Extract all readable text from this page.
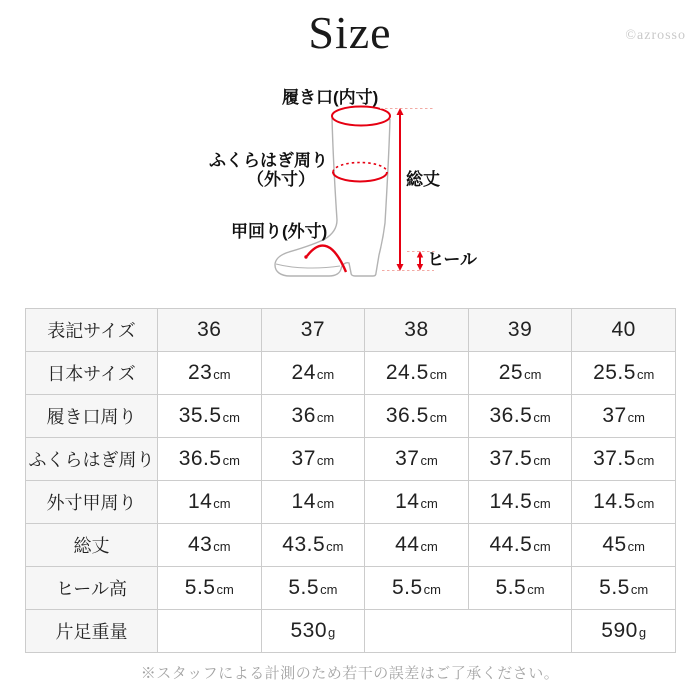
Size	©azrosso
履き口(内寸)
ふくらはぎ周り
（外寸）
甲回り(外寸)
総丈
ヒール
表記サイズ	36	37	38	39	40
日本サイズ	23cm	24cm	24.5cm	25cm	25.5cm
履き口周り	35.5cm	36cm	36.5cm	36.5cm	37cm
ふくらはぎ周り	36.5cm	37cm	37cm	37.5cm	37.5cm
外寸甲周り	14cm	14cm	14cm	14.5cm	14.5cm
総丈	43cm	43.5cm	44cm	44.5cm	45cm
ヒール高	5.5cm	5.5cm	5.5cm	5.5cm	5.5cm
片足重量		530g			590g
※スタッフによる計測のため若干の誤差はご了承ください。
